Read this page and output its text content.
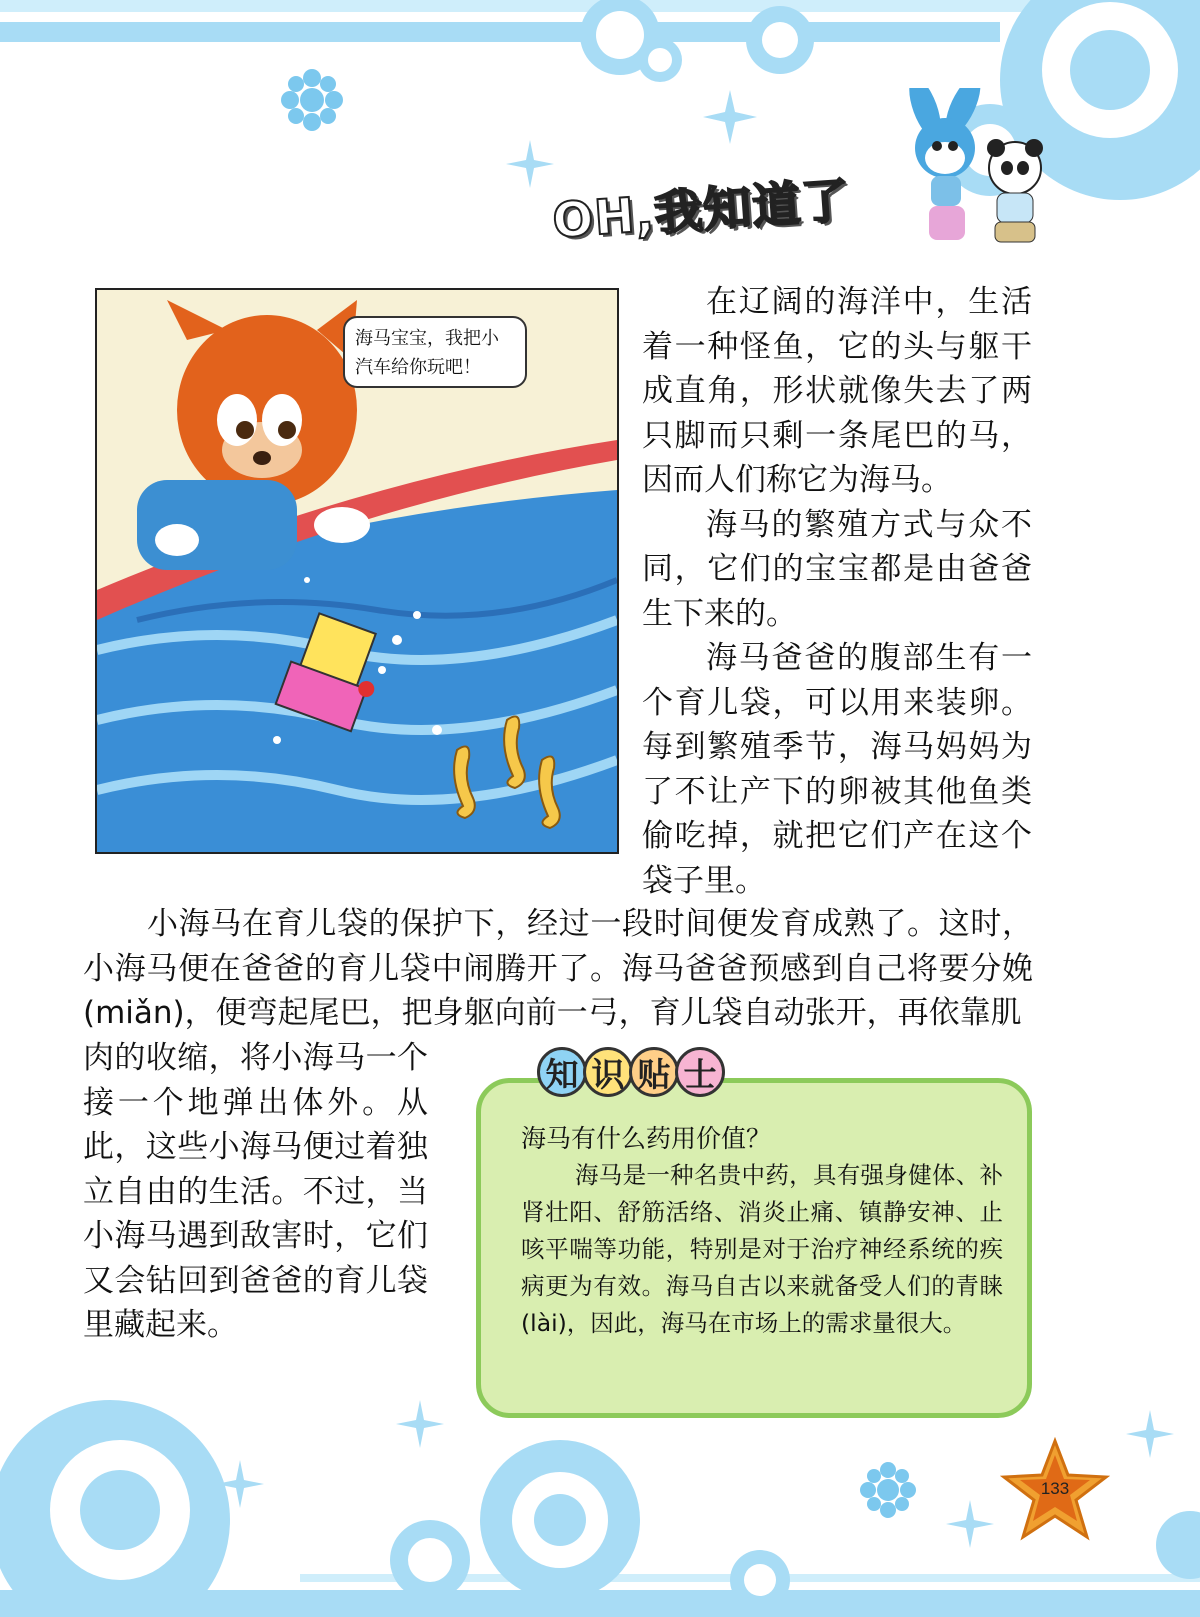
OH,我知道了
海马宝宝，我把小汽车给你玩吧！

在辽阔的海洋中，生活着一种怪鱼，它的头与躯干成直角，形状就像失去了两只脚而只剩一条尾巴的马，因而人们称它为海马。

海马的繁殖方式与众不同，它们的宝宝都是由爸爸生下来的。

海马爸爸的腹部生有一个育儿袋，可以用来装卵。每到繁殖季节，海马妈妈为了不让产下的卵被其他鱼类偷吃掉，就把它们产在这个袋子里。

小海马在育儿袋的保护下，经过一段时间便发育成熟了。这时，小海马便在爸爸的育儿袋中闹腾开了。海马爸爸预感到自己将要分娩(miǎn)，便弯起尾巴，把身躯向前一弓，育儿袋自动张开，再依靠肌

肉的收缩，将小海马一个接一个地弹出体外。从此，这些小海马便过着独立自由的生活。不过，当小海马遇到敌害时，它们又会钻回到爸爸的育儿袋里藏起来。

知 识 贴 士
海马有什么药用价值？
海马是一种名贵中药，具有强身健体、补肾壮阳、舒筋活络、消炎止痛、镇静安神、止咳平喘等功能，特别是对于治疗神经系统的疾病更为有效。海马自古以来就备受人们的青睐(lài)，因此，海马在市场上的需求量很大。
133
